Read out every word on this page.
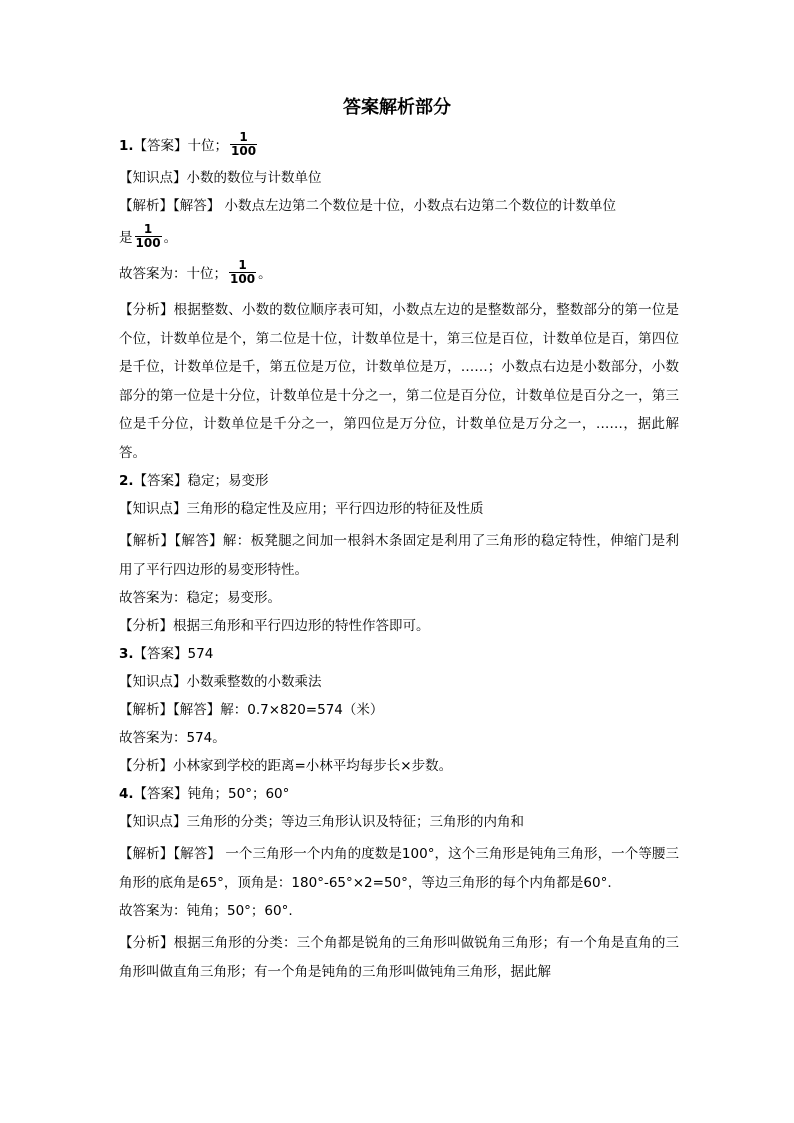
答案解析部分
1.【答案】十位； $\frac{1}{100}$
【知识点】小数的数位与计数单位
【解析】【解答】 小数点左边第二个数位是十位，小数点右边第二个数位的计数单位
是 $\frac{1}{100}$ 。
故答案为：十位； $\frac{1}{100}$ 。
【分析】根据整数、小数的数位顺序表可知，小数点左边的是整数部分，整数部分的第一位是个位，计数单位是个，第二位是十位，计数单位是十，第三位是百位，计数单位是百，第四位是千位，计数单位是千，第五位是万位，计数单位是万，……；小数点右边是小数部分，小数部分的第一位是十分位，计数单位是十分之一，第二位是百分位，计数单位是百分之一，第三位是千分位，计数单位是千分之一，第四位是万分位，计数单位是万分之一，……，据此解答。
2.【答案】稳定；易变形
【知识点】三角形的稳定性及应用；平行四边形的特征及性质
【解析】【解答】解：板凳腿之间加一根斜木条固定是利用了三角形的稳定特性，伸缩门是利用了平行四边形的易变形特性。
故答案为：稳定；易变形。
【分析】根据三角形和平行四边形的特性作答即可。
3.【答案】574
【知识点】小数乘整数的小数乘法
【解析】【解答】解：0.7×820=574（米）
故答案为：574。
【分析】小林家到学校的距离=小林平均每步长×步数。
4.【答案】钝角；50°；60°
【知识点】三角形的分类；等边三角形认识及特征；三角形的内角和
【解析】【解答】 一个三角形一个内角的度数是100°，这个三角形是钝角三角形，一个等腰三角形的底角是65°，顶角是：180°-65°×2=50°，等边三角形的每个内角都是60°.
故答案为：钝角；50°；60°.
【分析】根据三角形的分类：三个角都是锐角的三角形叫做锐角三角形；有一个角是直角的三角形叫做直角三角形；有一个角是钝角的三角形叫做钝角三角形，据此解
